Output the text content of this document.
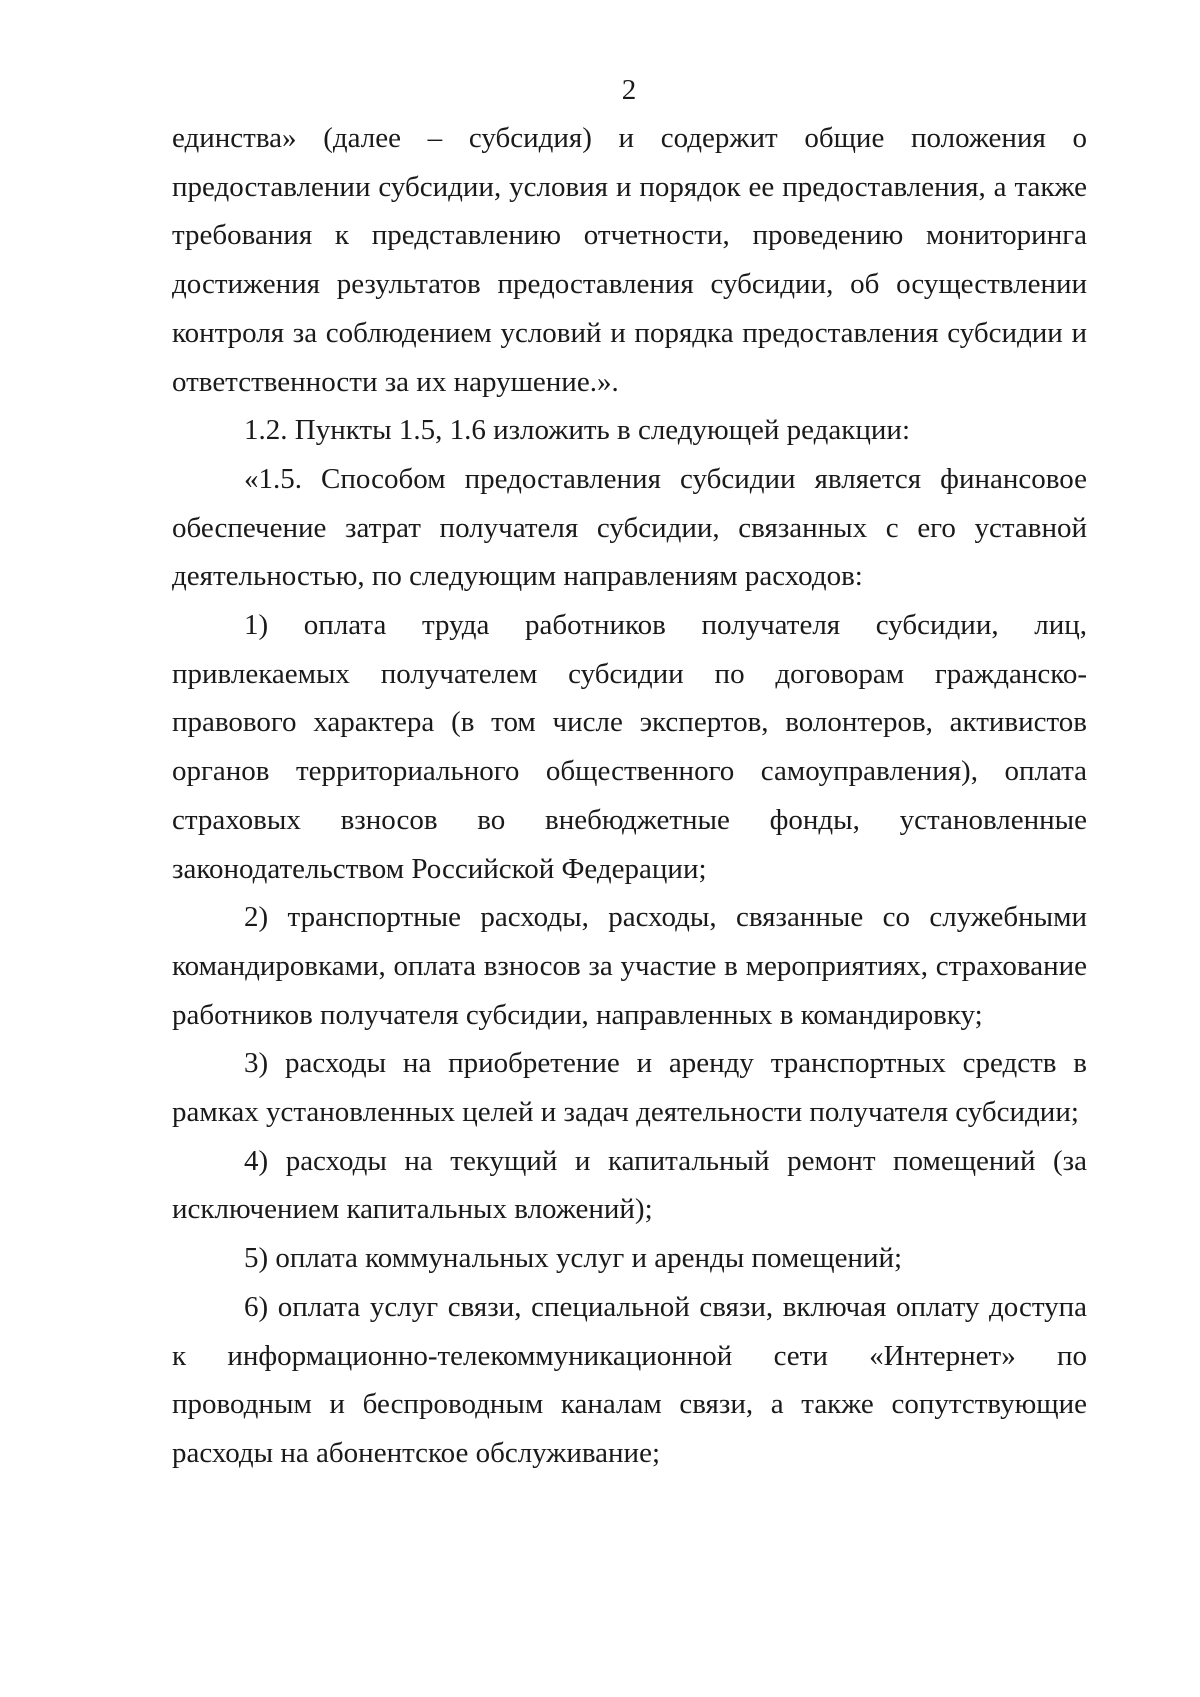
2

единства» (далее – субсидия) и содержит общие положения о предоставлении субсидии, условия и порядок ее предоставления, а также требования к представлению отчетности, проведению мониторинга достижения результатов предоставления субсидии, об осуществлении контроля за соблюдением условий и порядка предоставления субсидии и ответственности за их нарушение.».

1.2. Пункты 1.5, 1.6 изложить в следующей редакции:

«1.5. Способом предоставления субсидии является финансовое обеспечение затрат получателя субсидии, связанных с его уставной деятельностью, по следующим направлениям расходов:

1) оплата труда работников получателя субсидии, лиц, привлекаемых получателем субсидии по договорам гражданско-правового характера (в том числе экспертов, волонтеров, активистов органов территориального общественного самоуправления), оплата страховых взносов во внебюджетные фонды, установленные законодательством Российской Федерации;

2) транспортные расходы, расходы, связанные со служебными командировками, оплата взносов за участие в мероприятиях, страхование работников получателя субсидии, направленных в командировку;

3) расходы на приобретение и аренду транспортных средств в рамках установленных целей и задач деятельности получателя субсидии;

4) расходы на текущий и капитальный ремонт помещений (за исключением капитальных вложений);

5) оплата коммунальных услуг и аренды помещений;

6) оплата услуг связи, специальной связи, включая оплату доступа к информационно-телекоммуникационной сети «Интернет» по проводным и беспроводным каналам связи, а также сопутствующие расходы на абонентское обслуживание;
